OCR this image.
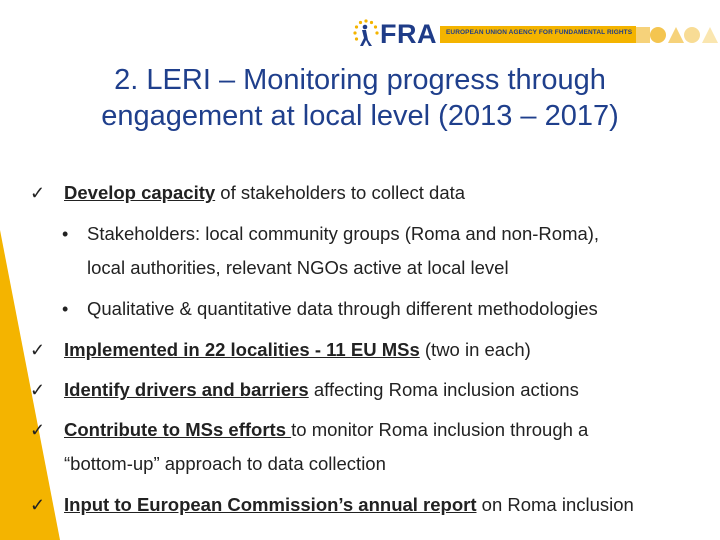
FRA EUROPEAN UNION AGENCY FOR FUNDAMENTAL RIGHTS
2. LERI – Monitoring progress through
engagement at local level (2013 – 2017)
✓ Develop capacity of stakeholders to collect data
• Stakeholders: local community groups (Roma and non-Roma),
local authorities, relevant NGOs active at local level
• Qualitative & quantitative data through different methodologies
✓ Implemented in 22 localities - 11 EU MSs (two in each)
✓ Identify drivers and barriers affecting Roma inclusion actions
✓ Contribute to MSs efforts to monitor Roma inclusion through a
“bottom-up” approach to data collection
✓ Input to European Commission’s annual report on Roma inclusion
